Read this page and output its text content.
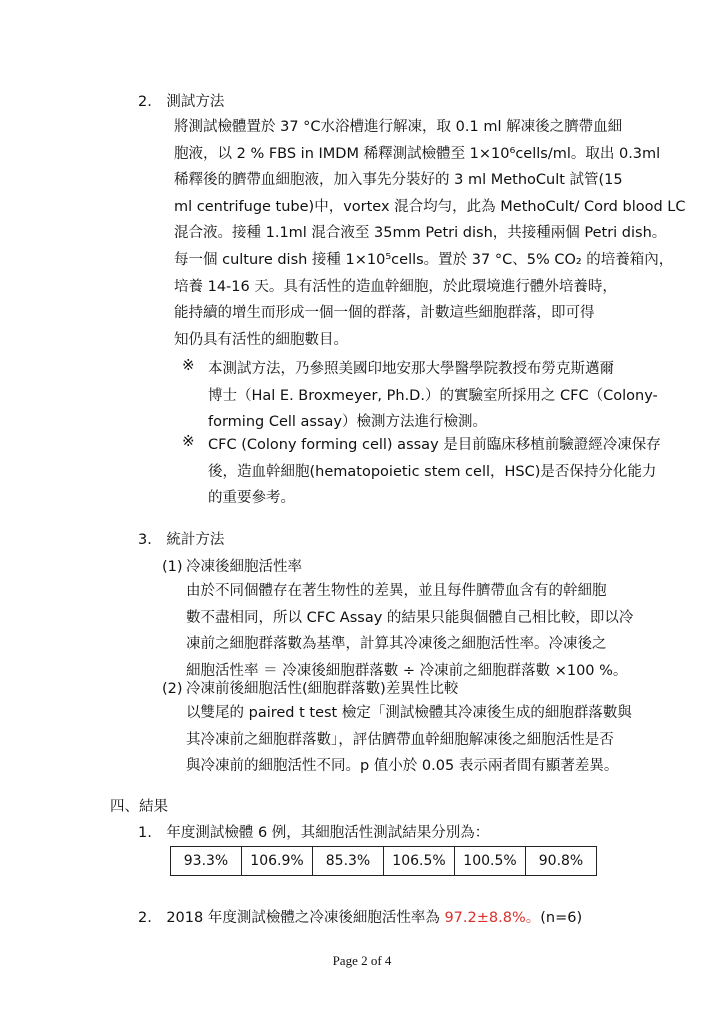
2.　測試方法
將測試檢體置於 37 °C水浴槽進行解凍，取 0.1 ml 解凍後之臍帶血細
胞液，以 2 % FBS in IMDM 稀釋測試檢體至 1×10⁶cells/ml。取出 0.3ml
稀釋後的臍帶血細胞液，加入事先分裝好的 3 ml MethoCult 試管(15
ml centrifuge tube)中，vortex 混合均勻，此為 MethoCult/ Cord blood LC
混合液。接種 1.1ml 混合液至 35mm Petri dish，共接種兩個 Petri dish。
每一個 culture dish 接種 1×10⁵cells。置於 37 °C、5% CO₂ 的培養箱內，
培養 14-16 天。具有活性的造血幹細胞，於此環境進行體外培養時，
能持續的增生而形成一個一個的群落，計數這些細胞群落，即可得
知仍具有活性的細胞數目。
※ 本測試方法，乃參照美國印地安那大學醫學院教授布勞克斯邁爾
博士（Hal E. Broxmeyer, Ph.D.）的實驗室所採用之 CFC（Colony-
forming Cell assay）檢測方法進行檢測。
※ CFC (Colony forming cell) assay 是目前臨床移植前驗證經冷凍保存
後，造血幹細胞(hematopoietic stem cell，HSC)是否保持分化能力
的重要參考。
3.　統計方法
(1) 冷凍後細胞活性率
由於不同個體存在著生物性的差異，並且每件臍帶血含有的幹細胞
數不盡相同，所以 CFC Assay 的結果只能與個體自己相比較，即以冷
凍前之細胞群落數為基準，計算其冷凍後之細胞活性率。冷凍後之
細胞活性率 ＝ 冷凍後細胞群落數 ÷ 冷凍前之細胞群落數 ×100 %。
(2) 冷凍前後細胞活性(細胞群落數)差異性比較
以雙尾的 paired t test 檢定「測試檢體其冷凍後生成的細胞群落數與
其冷凍前之細胞群落數」，評估臍帶血幹細胞解凍後之細胞活性是否
與冷凍前的細胞活性不同。p 值小於 0.05 表示兩者間有顯著差異。
四、結果
1.　年度測試檢體 6 例，其細胞活性測試結果分別為：
93.3%	106.9%	85.3%	106.5%	100.5%	90.8%
2.　2018 年度測試檢體之冷凍後細胞活性率為 97.2±8.8%。(n=6)
Page 2 of 4
